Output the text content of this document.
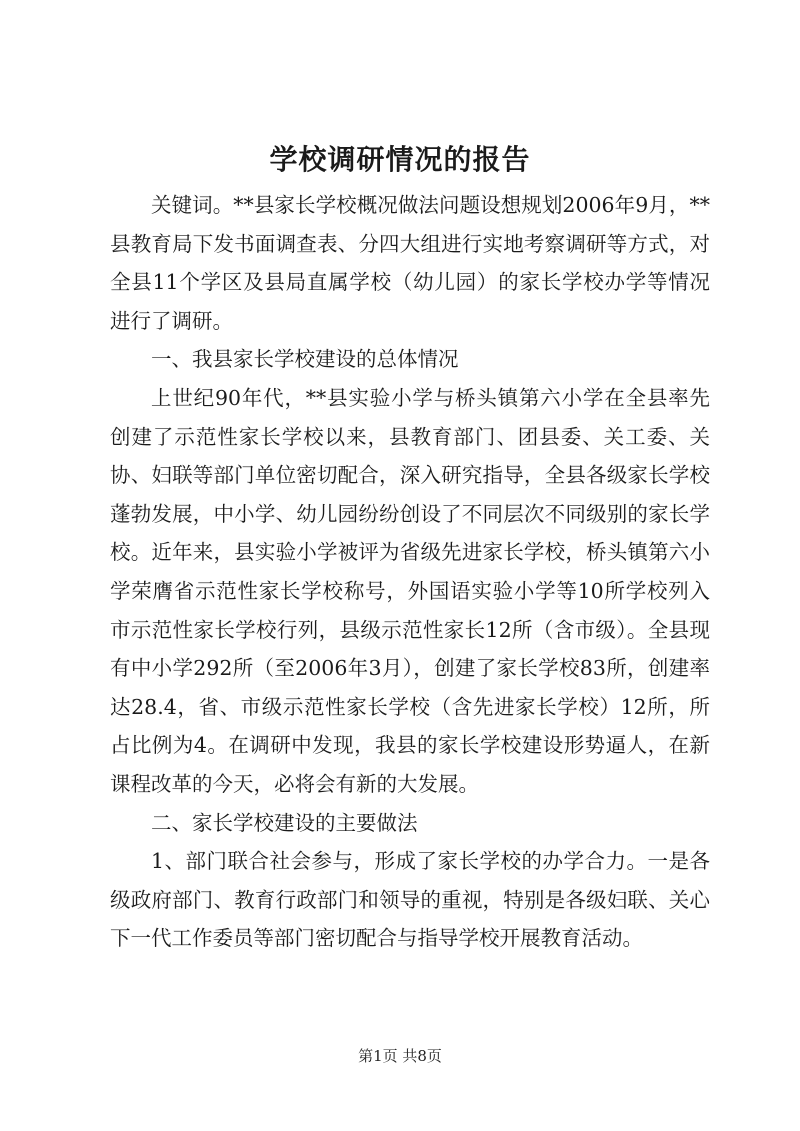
学校调研情况的报告

关键词。**县家长学校概况做法问题设想规划2006年9月，**县教育局下发书面调查表、分四大组进行实地考察调研等方式，对全县11个学区及县局直属学校（幼儿园）的家长学校办学等情况进行了调研。

一、我县家长学校建设的总体情况

上世纪90年代，**县实验小学与桥头镇第六小学在全县率先创建了示范性家长学校以来，县教育部门、团县委、关工委、关协、妇联等部门单位密切配合，深入研究指导，全县各级家长学校蓬勃发展，中小学、幼儿园纷纷创设了不同层次不同级别的家长学校。近年来，县实验小学被评为省级先进家长学校，桥头镇第六小学荣膺省示范性家长学校称号，外国语实验小学等10所学校列入市示范性家长学校行列，县级示范性家长12所（含市级）。全县现有中小学292所（至2006年3月），创建了家长学校83所，创建率达28.4，省、市级示范性家长学校（含先进家长学校）12所，所占比例为4。在调研中发现，我县的家长学校建设形势逼人，在新课程改革的今天，必将会有新的大发展。

二、家长学校建设的主要做法

1、部门联合社会参与，形成了家长学校的办学合力。一是各级政府部门、教育行政部门和领导的重视，特别是各级妇联、关心下一代工作委员等部门密切配合与指导学校开展教育活动。

第1页 共8页
